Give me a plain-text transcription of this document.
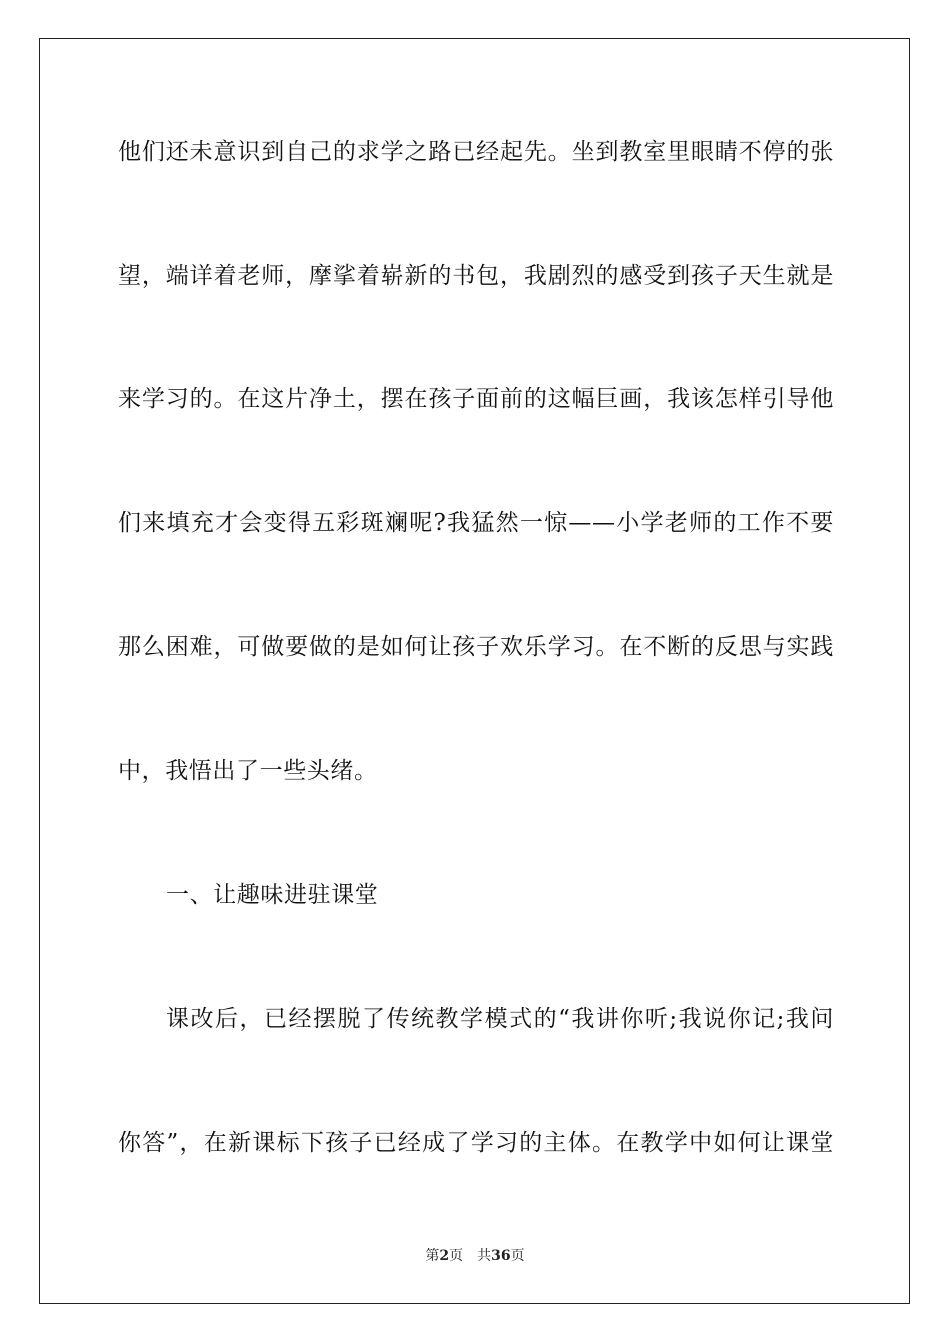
他们还未意识到自己的求学之路已经起先。坐到教室里眼睛不停的张
望，端详着老师，摩挲着崭新的书包，我剧烈的感受到孩子天生就是
来学习的。在这片净土，摆在孩子面前的这幅巨画，我该怎样引导他
们来填充才会变得五彩斑斓呢?我猛然一惊——小学老师的工作不要
那么困难，可做要做的是如何让孩子欢乐学习。在不断的反思与实践
中，我悟出了一些头绪。
一、让趣味进驻课堂
课改后，已经摆脱了传统教学模式的“我讲你听;我说你记;我问
你答”，在新课标下孩子已经成了学习的主体。在教学中如何让课堂
第2页 共36页
